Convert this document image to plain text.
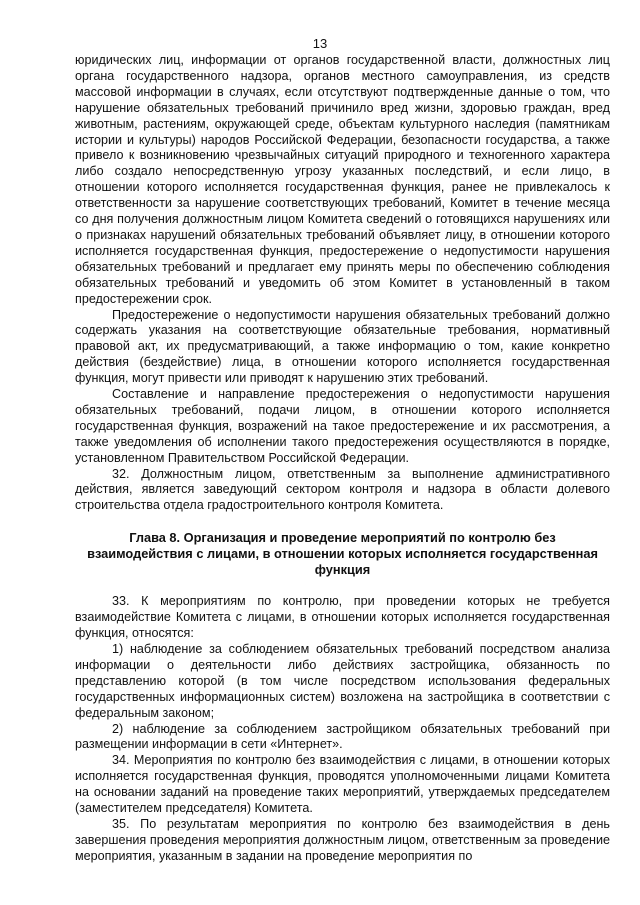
13

юридических лиц, информации от органов государственной власти, должностных лиц органа государственного надзора, органов местного самоуправления, из средств массовой информации в случаях, если отсутствуют подтвержденные данные о том, что нарушение обязательных требований причинило вред жизни, здоровью граждан, вред животным, растениям, окружающей среде, объектам культурного наследия (памятникам истории и культуры) народов Российской Федерации, безопасности государства, а также привело к возникновению чрезвычайных ситуаций природного и техногенного характера либо создало непосредственную угрозу указанных последствий, и если лицо, в отношении которого исполняется государственная функция, ранее не привлекалось к ответственности за нарушение соответствующих требований, Комитет в течение месяца со дня получения должностным лицом Комитета сведений о готовящихся нарушениях или о признаках нарушений обязательных требований объявляет лицу, в отношении которого исполняется государственная функция, предостережение о недопустимости нарушения обязательных требований и предлагает ему принять меры по обеспечению соблюдения обязательных требований и уведомить об этом Комитет в установленный в таком предостережении срок.

Предостережение о недопустимости нарушения обязательных требований должно содержать указания на соответствующие обязательные требования, нормативный правовой акт, их предусматривающий, а также информацию о том, какие конкретно действия (бездействие) лица, в отношении которого исполняется государственная функция, могут привести или приводят к нарушению этих требований.

Составление и направление предостережения о недопустимости нарушения обязательных требований, подачи лицом, в отношении которого исполняется государственная функция, возражений на такое предостережение и их рассмотрения, а также уведомления об исполнении такого предостережения осуществляются в порядке, установленном Правительством Российской Федерации.

32. Должностным лицом, ответственным за выполнение административного действия, является заведующий сектором контроля и надзора в области долевого строительства отдела градостроительного контроля Комитета.

Глава 8. Организация и проведение мероприятий по контролю без взаимодействия с лицами, в отношении которых исполняется государственная функция

33. К мероприятиям по контролю, при проведении которых не требуется взаимодействие Комитета с лицами, в отношении которых исполняется государственная функция, относятся:

1) наблюдение за соблюдением обязательных требований посредством анализа информации о деятельности либо действиях застройщика, обязанность по представлению которой (в том числе посредством использования федеральных государственных информационных систем) возложена на застройщика в соответствии с федеральным законом;

2) наблюдение за соблюдением застройщиком обязательных требований при размещении информации в сети «Интернет».

34. Мероприятия по контролю без взаимодействия с лицами, в отношении которых исполняется государственная функция, проводятся уполномоченными лицами Комитета на основании заданий на проведение таких мероприятий, утверждаемых председателем (заместителем председателя) Комитета.

35. По результатам мероприятия по контролю без взаимодействия в день завершения проведения мероприятия должностным лицом, ответственным за проведение мероприятия, указанным в задании на проведение мероприятия по
